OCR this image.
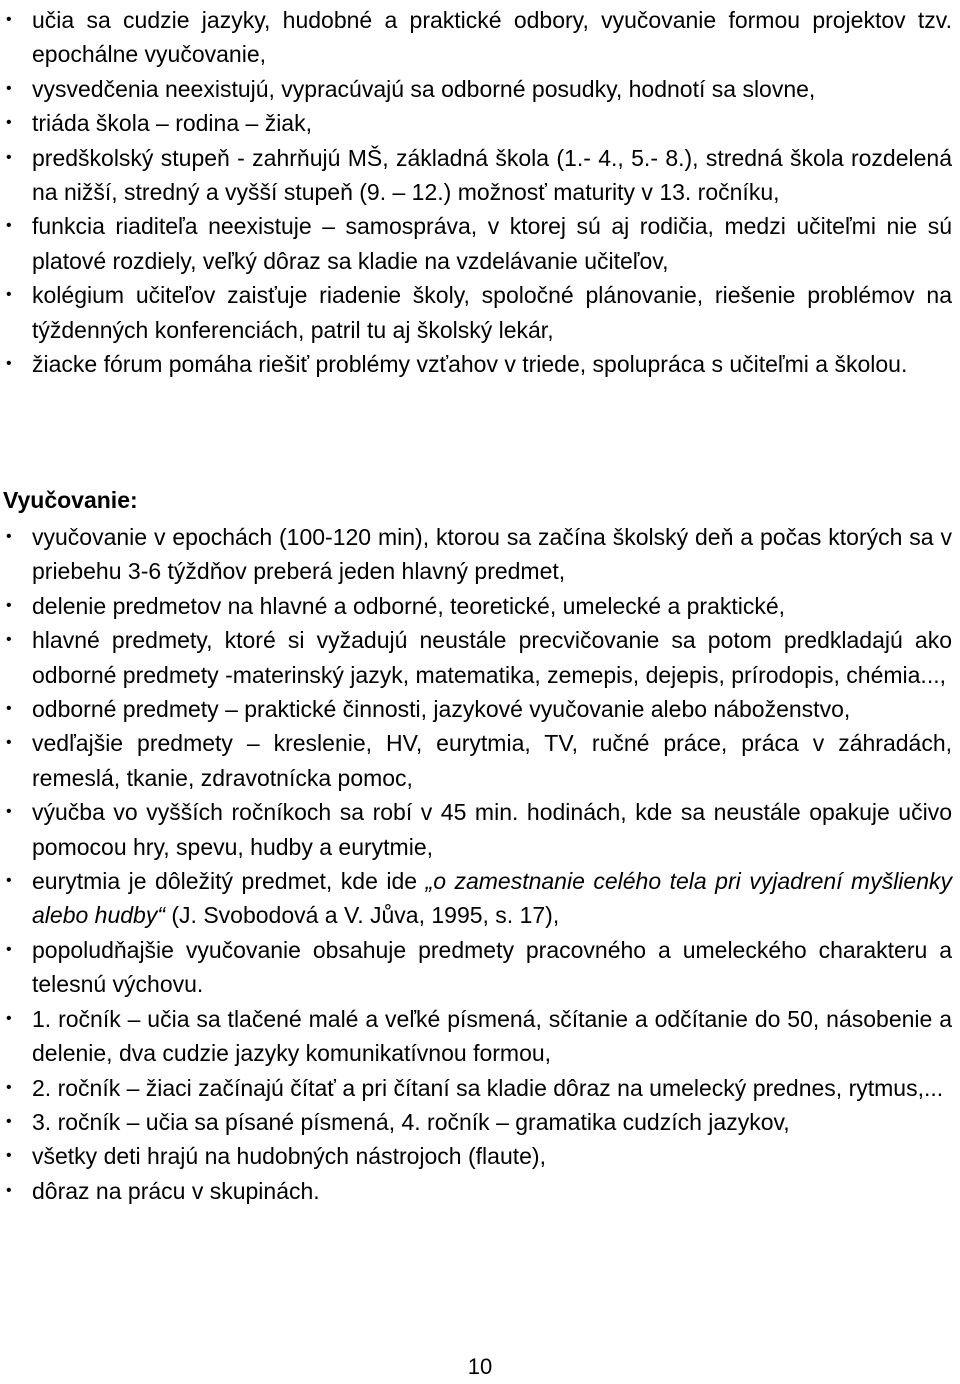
• učia sa cudzie jazyky, hudobné a praktické odbory, vyučovanie formou projektov tzv. epochálne vyučovanie,
• vysvedčenia neexistujú, vypracúvajú sa odborné posudky, hodnotí sa slovne,
• triáda škola – rodina – žiak,
• predškolský stupeň - zahrňujú MŠ, základná škola (1.- 4., 5.- 8.), stredná škola rozdelená na nižší, stredný a vyšší stupeň (9. – 12.) možnosť maturity v 13. ročníku,
• funkcia riaditeľa neexistuje – samospráva, v ktorej sú aj rodičia, medzi učiteľmi nie sú platové rozdiely, veľký dôraz sa kladie na vzdelávanie učiteľov,
• kolégium učiteľov zaisťuje riadenie školy, spoločné plánovanie, riešenie problémov na týždenných konferenciách, patril tu aj školský lekár,
• žiacke fórum pomáha riešiť problémy vzťahov v triede, spolupráca s učiteľmi a školou.
Vyučovanie:
• vyučovanie v epochách (100-120 min), ktorou sa začína školský deň a počas ktorých sa v priebehu 3-6 týždňov preberá jeden hlavný predmet,
• delenie predmetov na hlavné a odborné, teoretické, umelecké a praktické,
• hlavné predmety, ktoré si vyžadujú neustále precvičovanie sa potom predkladajú ako odborné predmety -materinský jazyk, matematika, zemepis, dejepis, prírodopis, chémia...,
• odborné predmety – praktické činnosti, jazykové vyučovanie alebo náboženstvo,
• vedľajšie predmety – kreslenie, HV, eurytmia, TV, ručné práce, práca v záhradách, remeslá, tkanie, zdravotnícka pomoc,
• výučba vo vyšších ročníkoch sa robí v 45 min. hodinách, kde sa neustále opakuje učivo pomocou hry, spevu, hudby a eurytmie,
• eurytmia je dôležitý predmet, kde ide „o zamestnanie celého tela pri vyjadrení myšlienky alebo hudby“ (J. Svobodová a V. Jůva, 1995, s. 17),
• popoludňajšie vyučovanie obsahuje predmety pracovného a umeleckého charakteru a telesnú výchovu.
• 1. ročník – učia sa tlačené malé a veľké písmená, sčítanie a odčítanie do 50, násobenie a delenie, dva cudzie jazyky komunikatívnou formou,
• 2. ročník – žiaci začínajú čítať a pri čítaní sa kladie dôraz na umelecký prednes, rytmus,...
• 3. ročník – učia sa písané písmená, 4. ročník – gramatika cudzích jazykov,
• všetky deti hrajú na hudobných nástrojoch (flaute),
• dôraz na prácu v skupinách.
10
